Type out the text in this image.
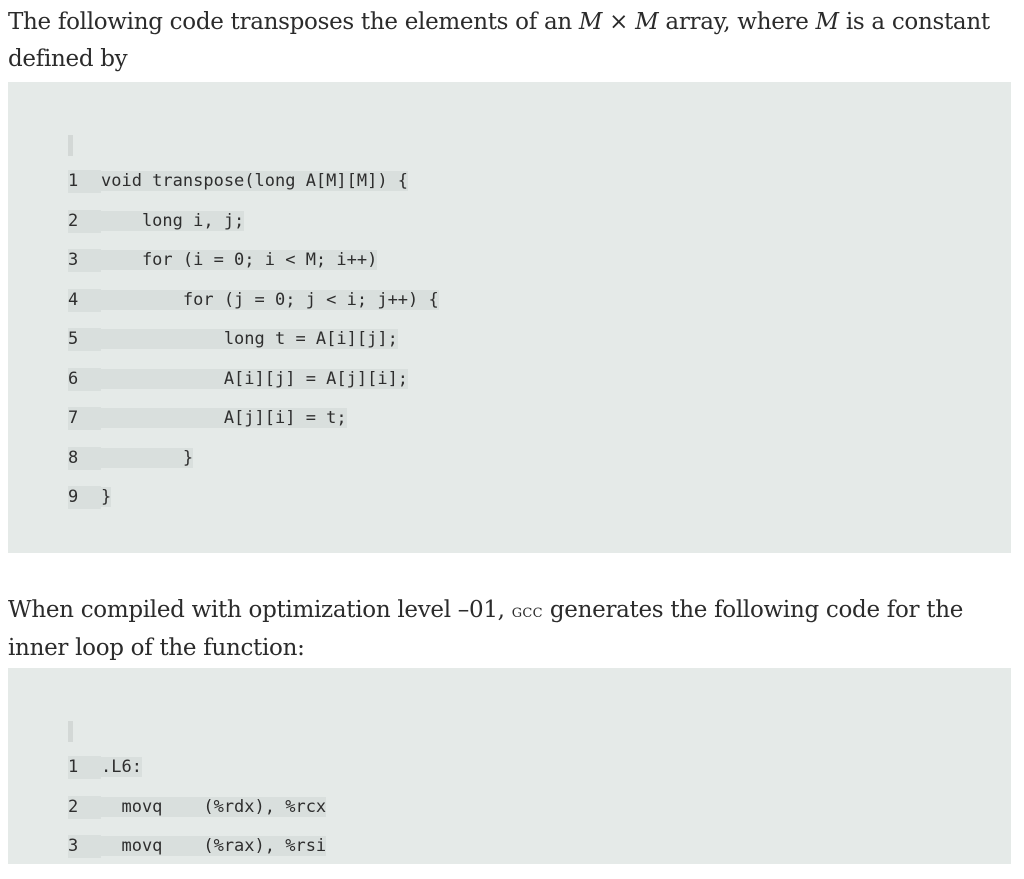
The following code transposes the elements of an M × M array, where M is a constant defined by

1 void transpose(long A[M][M]) {
2    long i, j;
3    for (i = 0; i < M; i++)
4        for (j = 0; j < i; j++) {
5            long t = A[i][j];
6            A[i][j] = A[j][i];
7            A[j][i] = t;
8        }
9 }
When compiled with optimization level –01, gcc generates the following code for the inner loop of the function:
1 .L6:
2  movq    (%rdx), %rcx
3  movq    (%rax), %rsi
